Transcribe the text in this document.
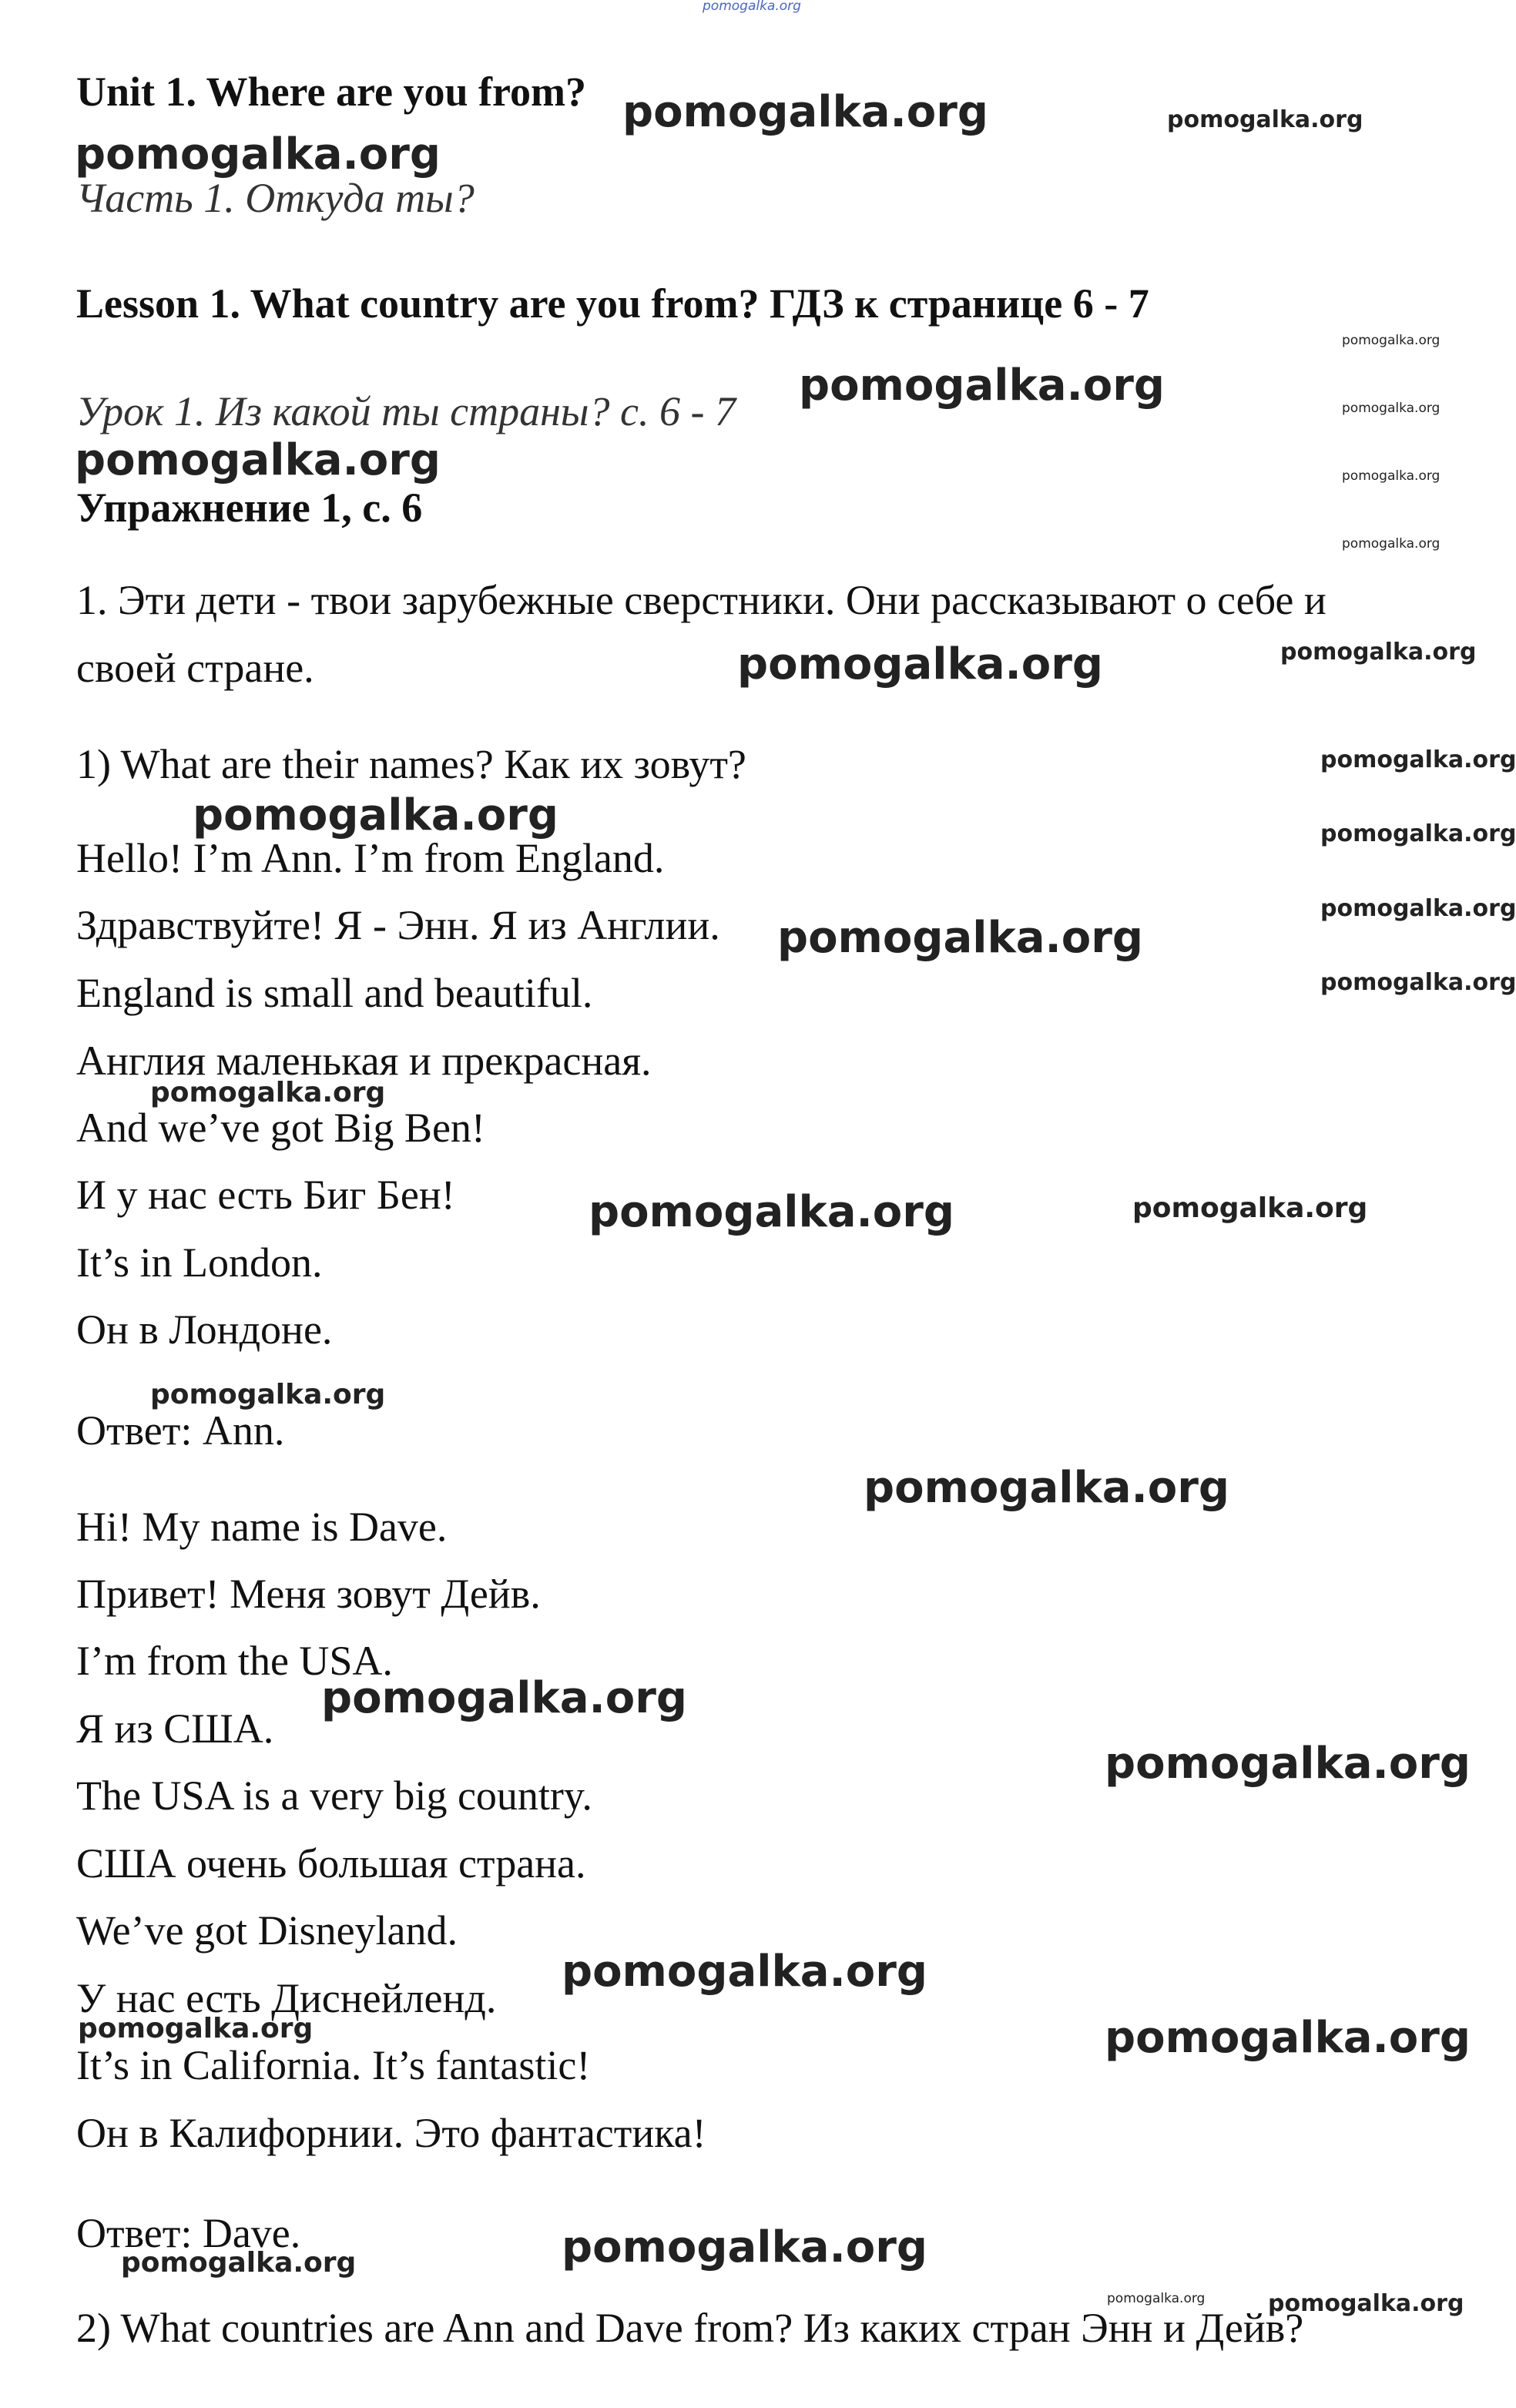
Unit 1. Where are you from?
Часть 1. Откуда ты?
Lesson 1. What country are you from? ГДЗ к странице 6 - 7
Урок 1. Из какой ты страны? с. 6 - 7
Упражнение 1, с. 6
1. Эти дети - твои зарубежные сверстники. Они рассказывают о себе и
своей стране.
1) What are their names? Как их зовут?
Hello! I’m Ann. I’m from England.
Здравствуйте! Я - Энн. Я из Англии.
England is small and beautiful.
Англия маленькая и прекрасная.
And we’ve got Big Ben!
И у нас есть Биг Бен!
It’s in London.
Он в Лондоне.
Ответ: Ann.
Hi! My name is Dave.
Привет! Меня зовут Дейв.
I’m from the USA.
Я из США.
The USA is a very big country.
США очень большая страна.
We’ve got Disneyland.
У нас есть Диснейленд.
It’s in California. It’s fantastic!
Он в Калифорнии. Это фантастика!
Ответ: Dave.
2) What countries are Ann and Dave from? Из каких стран Энн и Дейв?
pomogalka.org
pomogalka.org	pomogalka.org
pomogalka.org
pomogalka.org
pomogalka.org	pomogalka.org
pomogalka.org	pomogalka.org
pomogalka.org
pomogalka.org
pomogalka.org
pomogalka.org
pomogalka.org	pomogalka.org
pomogalka.org
pomogalka.org
pomogalka.org
pomogalka.org
pomogalka.org	pomogalka.org
pomogalka.org
pomogalka.org
pomogalka.org
pomogalka.org
pomogalka.org
pomogalka.org	pomogalka.org
pomogalka.org
pomogalka.org
pomogalka.org	pomogalka.org
